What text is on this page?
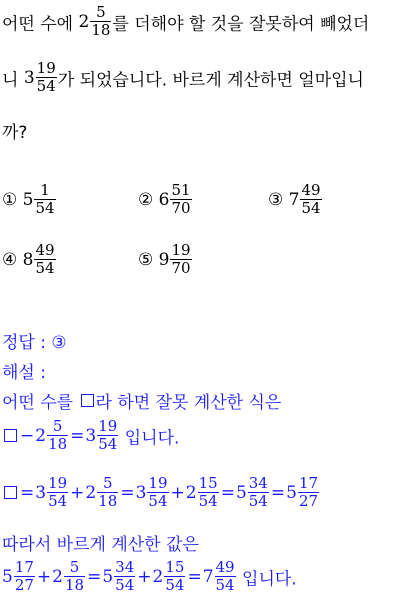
어떤 수에 $2 \frac{5}{18}$ 를 더해야 할 것을 잘못하여 빼었더
니 $3 \frac{19}{54}$ 가 되었습니다. 바르게 계산하면 얼마입니
까?
① $5 \frac{1}{54}$	② $6 \frac{51}{70}$	③ $7 \frac{49}{54}$
④ $8 \frac{49}{54}$	⑤ $9 \frac{19}{70}$
정답 : ③
해설 :
어떤 수를 라 하면 잘못 계산한 식은
$-2 \frac{5}{18} =3 \frac{19}{54}$ 입니다.
$=3 \frac{19}{54} +2 \frac{5}{18} =3 \frac{19}{54} +2 \frac{15}{54} =5 \frac{34}{54} =5 \frac{17}{27}$
따라서 바르게 계산한 값은
$5 \frac{17}{27} +2 \frac{5}{18} =5 \frac{34}{54} +2 \frac{15}{54} =7 \frac{49}{54}$ 입니다.
